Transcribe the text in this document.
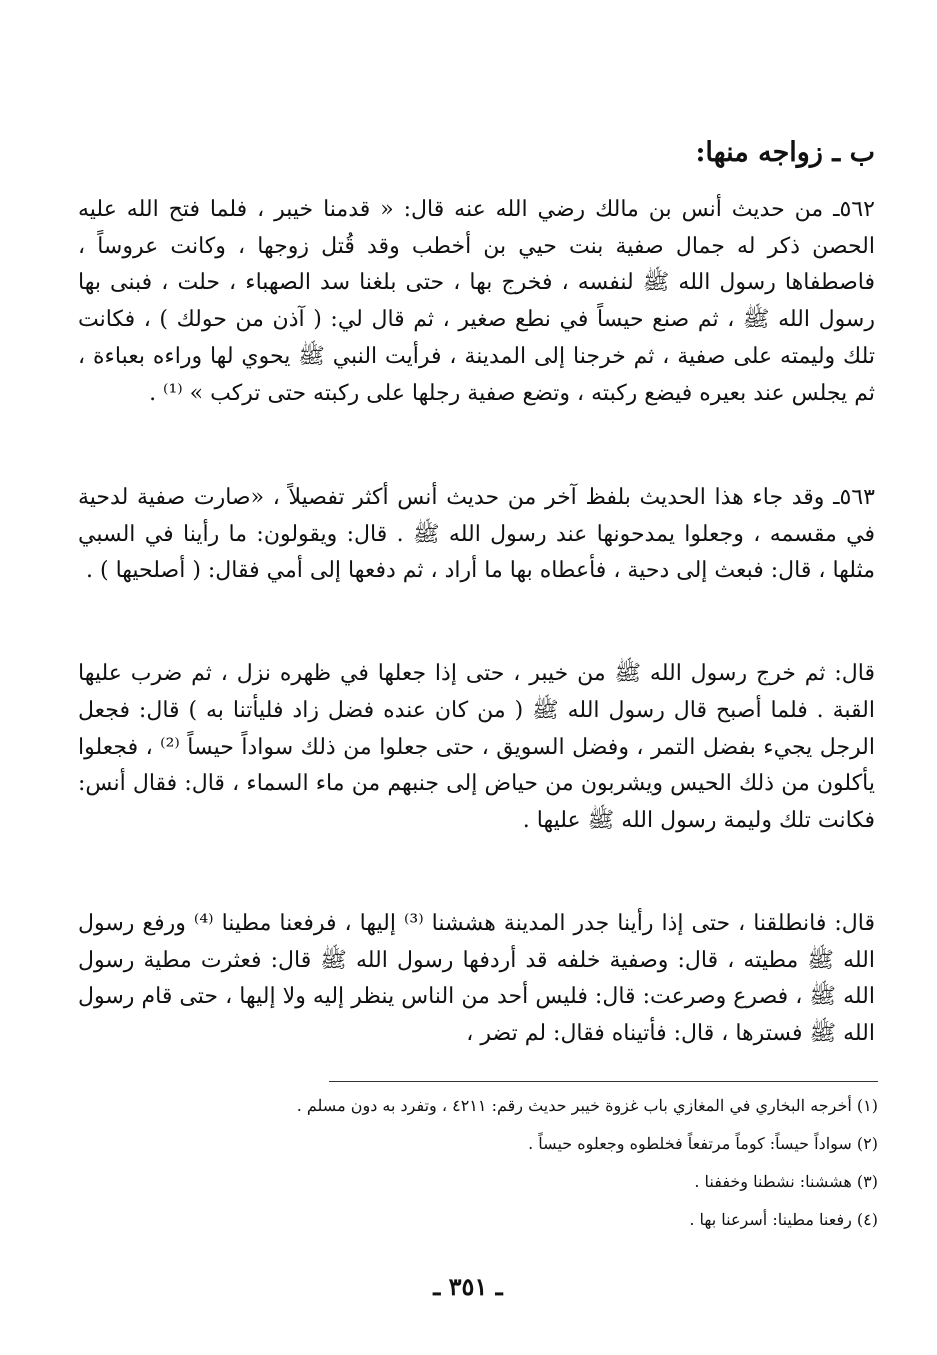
ب ـ زواجه منها:

٥٦٢ـ من حديث أنس بن مالك رضي الله عنه قال: « قدمنا خيبر ، فلما فتح الله عليه الحصن ذكر له جمال صفية بنت حيي بن أخطب وقد قُتل زوجها ، وكانت عروساً ، فاصطفاها رسول الله ﷺ لنفسه ، فخرج بها ، حتى بلغنا سد الصهباء ، حلت ، فبنى بها رسول الله ﷺ ، ثم صنع حيساً في نطع صغير ، ثم قال لي: ( آذن من حولك ) ، فكانت تلك وليمته على صفية ، ثم خرجنا إلى المدينة ، فرأيت النبي ﷺ يحوي لها وراءه بعباءة ، ثم يجلس عند بعيره فيضع ركبته ، وتضع صفية رجلها على ركبته حتى تركب » ⁽¹⁾ .

٥٦٣ـ وقد جاء هذا الحديث بلفظ آخر من حديث أنس أكثر تفصيلاً ، «صارت صفية لدحية في مقسمه ، وجعلوا يمدحونها عند رسول الله ﷺ . قال: ويقولون: ما رأينا في السبي مثلها ، قال: فبعث إلى دحية ، فأعطاه بها ما أراد ، ثم دفعها إلى أمي فقال: ( أصلحيها ) .

قال: ثم خرج رسول الله ﷺ من خيبر ، حتى إذا جعلها في ظهره نزل ، ثم ضرب عليها القبة . فلما أصبح قال رسول الله ﷺ ( من كان عنده فضل زاد فليأتنا به ) قال: فجعل الرجل يجيء بفضل التمر ، وفضل السويق ، حتى جعلوا من ذلك سواداً حيساً ⁽²⁾ ، فجعلوا يأكلون من ذلك الحيس ويشربون من حياض إلى جنبهم من ماء السماء ، قال: فقال أنس: فكانت تلك وليمة رسول الله ﷺ عليها .

قال: فانطلقنا ، حتى إذا رأينا جدر المدينة هششنا ⁽³⁾ إليها ، فرفعنا مطينا ⁽⁴⁾ ورفع رسول الله ﷺ مطيته ، قال: وصفية خلفه قد أردفها رسول الله ﷺ قال: فعثرت مطية رسول الله ﷺ ، فصرع وصرعت: قال: فليس أحد من الناس ينظر إليه ولا إليها ، حتى قام رسول الله ﷺ فسترها ، قال: فأتيناه فقال: لم تضر ،

(١) أخرجه البخاري في المغازي باب غزوة خيبر حديث رقم: ٤٢١١ ، وتفرد به دون مسلم .
(٢) سواداً حيساً: كوماً مرتفعاً فخلطوه وجعلوه حيساً .
(٣) هششنا: نشطنا وخففنا .
(٤) رفعنا مطينا: أسرعنا بها .
ـ ٣٥١ ـ
